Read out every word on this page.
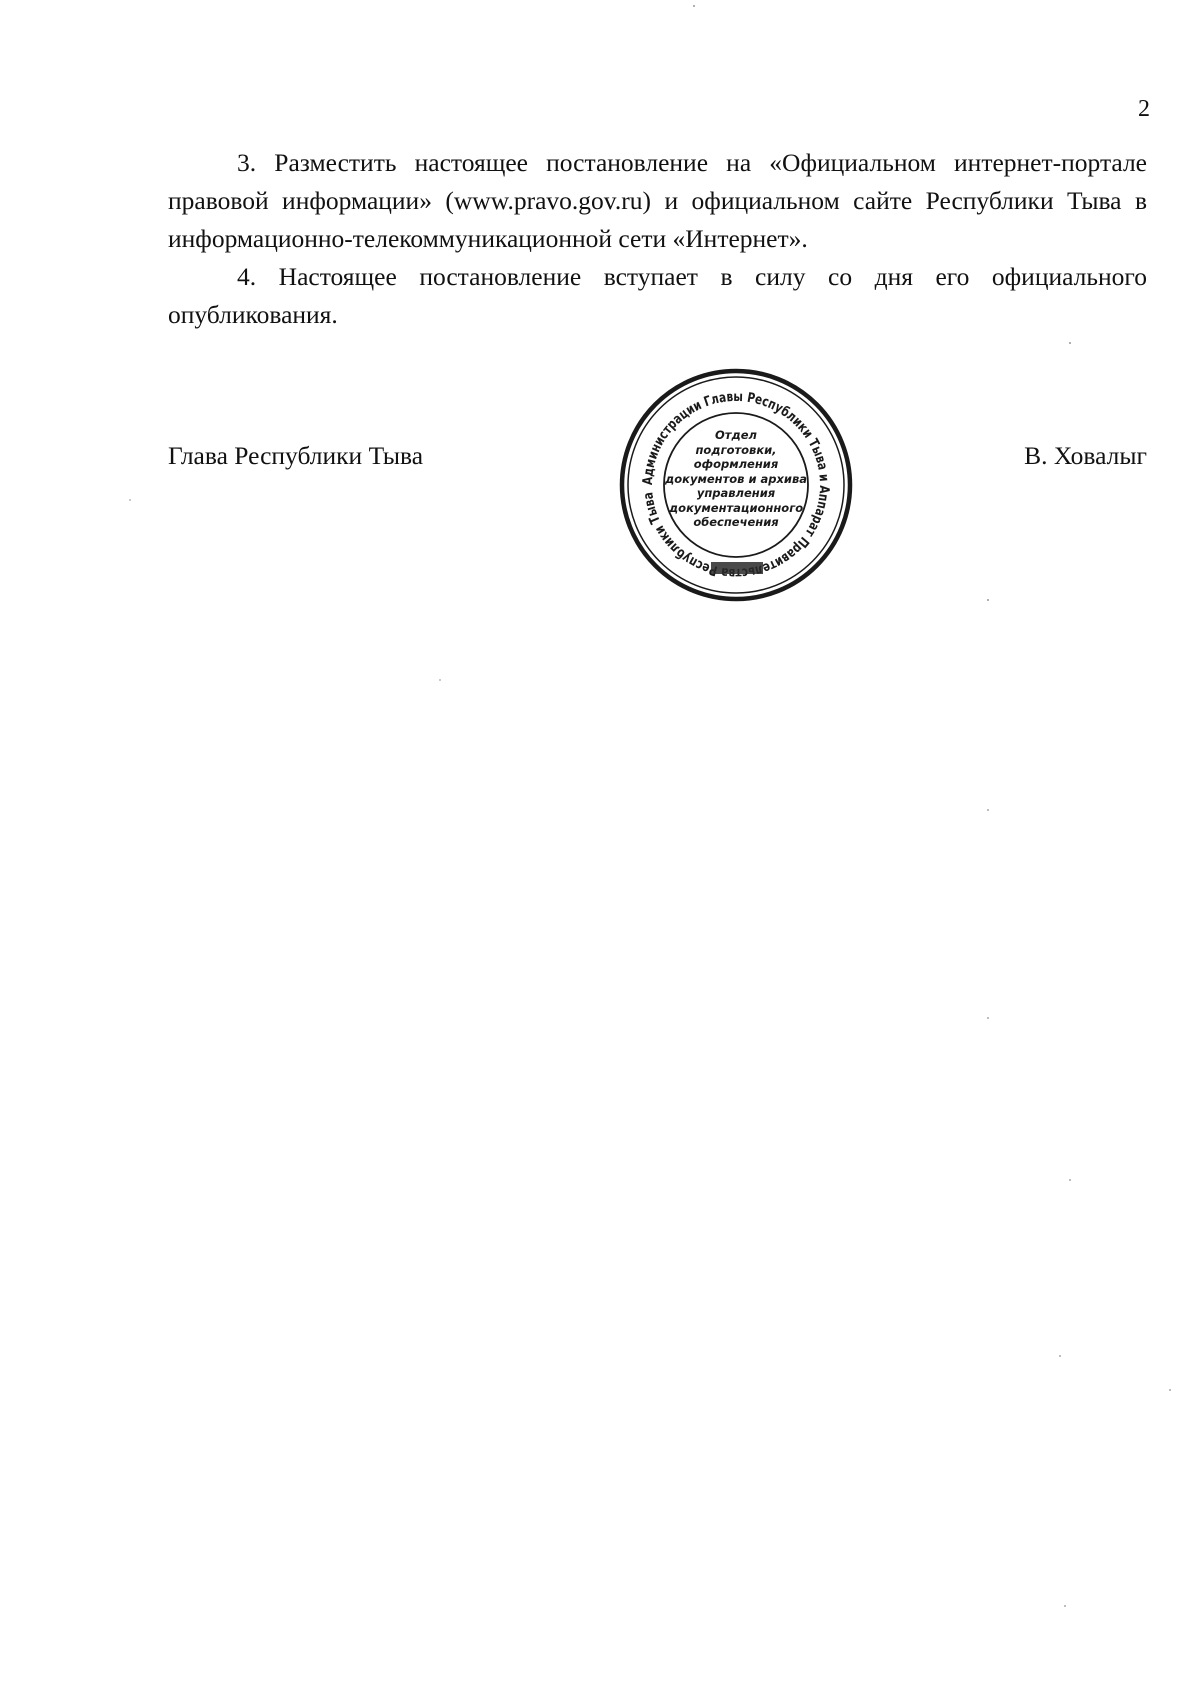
2

3. Разместить настоящее постановление на «Официальном интернет-портале правовой информации» (www.pravo.gov.ru) и официальном сайте Республики Тыва в информационно-телекоммуникационной сети «Интернет».

4. Настоящее постановление вступает в силу со дня его официального опубликования.

Глава Республики Тыва	В. Ховалыг
Администрации Главы Республики Тыва и Аппарат Правите еспублики Тыва
Отдел
подготовки,
оформления
документов и архива
управления
документационного
обеспечения
